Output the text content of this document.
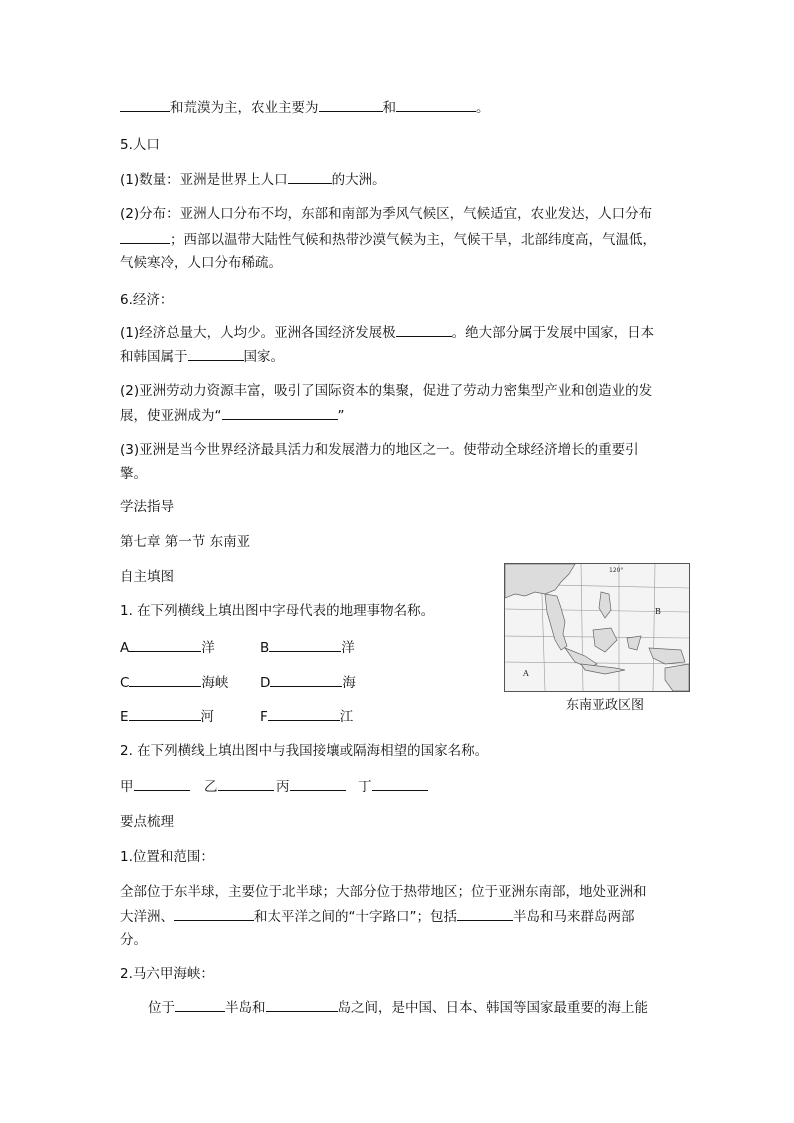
和荒漠为主，农业主要为	和	。
5.人口
(1)数量：亚洲是世界上人口	的大洲。
(2)分布：亚洲人口分布不均，东部和南部为季风气候区，气候适宜，农业发达，人口分布
；西部以温带大陆性气候和热带沙漠气候为主，气候干旱，北部纬度高，气温低，
气候寒冷，人口分布稀疏。
6.经济：
(1)经济总量大，人均少。亚洲各国经济发展极	。绝大部分属于发展中国家，日本
和韩国属于	国家。
(2)亚洲劳动力资源丰富，吸引了国际资本的集聚，促进了劳动力密集型产业和创造业的发
展，使亚洲成为“	”
(3)亚洲是当今世界经济最具活力和发展潜力的地区之一。使带动全球经济增长的重要引
擎。
学法指导
第七章 第一节 东南亚
自主填图
1. 在下列横线上填出图中字母代表的地理事物名称。
A	洋	B	洋
C	海峡 D	海
E	河	F	江
A
B
120°
东南亚政区图
2. 在下列横线上填出图中与我国接壤或隔海相望的国家名称。
甲	乙	丙	丁
要点梳理
1.位置和范围：
全部位于东半球，主要位于北半球；大部分位于热带地区；位于亚洲东南部，地处亚洲和
大洋洲、	和太平洋之间的“十字路口”；包括	半岛和马来群岛两部
分。
2.马六甲海峡：
位于	半岛和	岛之间，是中国、日本、韩国等国家最重要的海上能
